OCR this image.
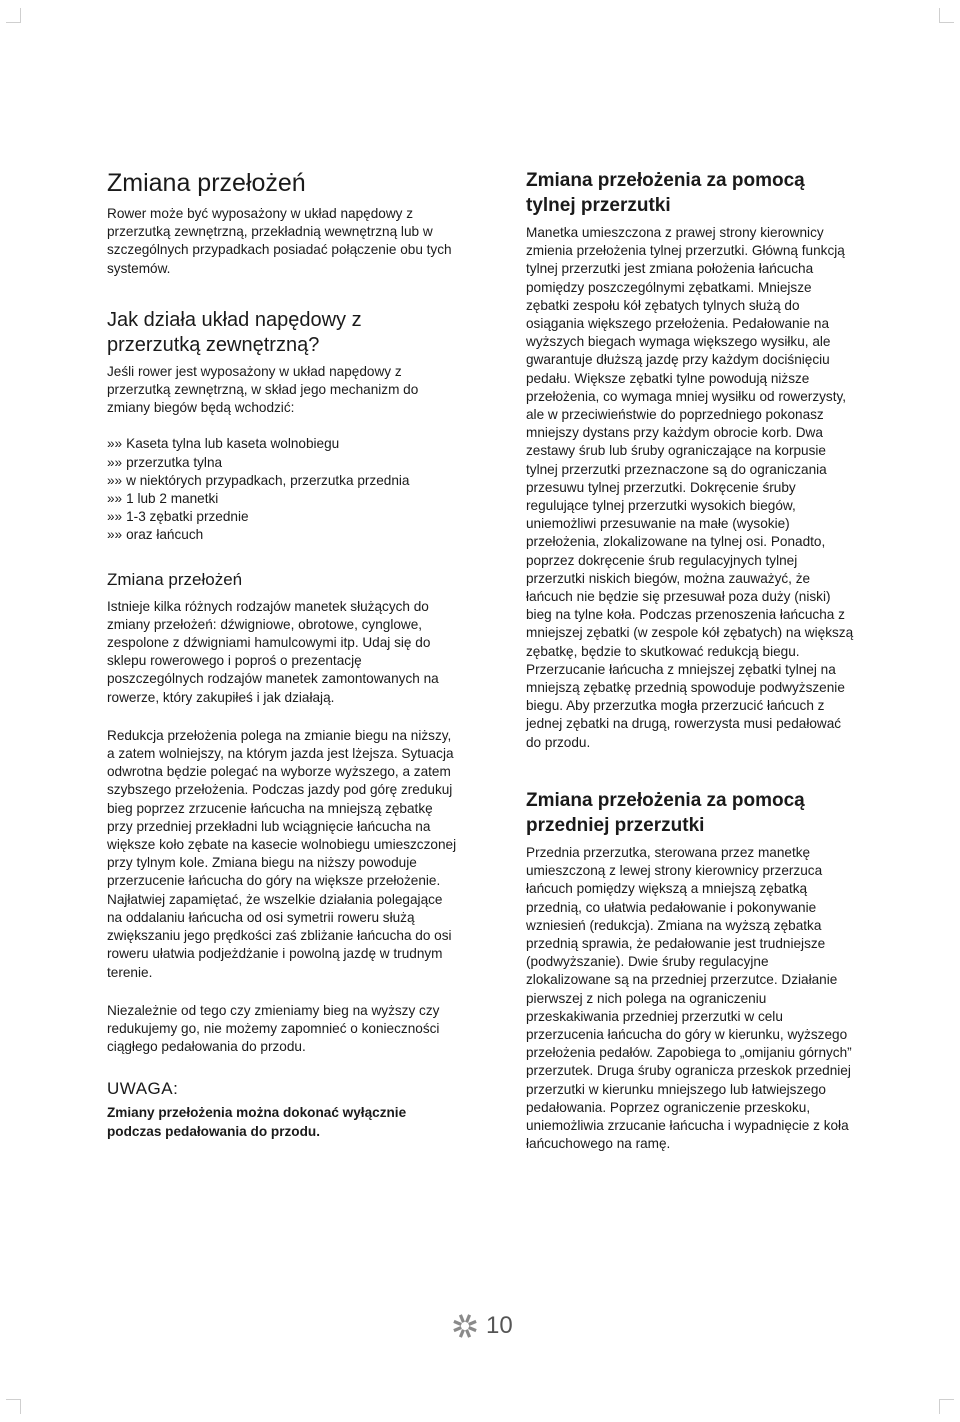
Zmiana przełożeń

Rower może być wyposażony w układ napędowy z przerzutką zewnętrzną, przekładnią wewnętrzną lub w szczególnych przypadkach posiadać połączenie obu tych systemów.

Jak działa układ napędowy z przerzutką zewnętrzną?

Jeśli rower jest wyposażony w układ napędowy z przerzutką zewnętrzną, w skład jego mechanizm do zmiany biegów będą wchodzić:

»» Kaseta tylna lub kaseta wolnobiegu
»» przerzutka tylna
»» w niektórych przypadkach, przerzutka przednia
»» 1 lub 2 manetki
»» 1-3 zębatki przednie
»» oraz łańcuch
Zmiana przełożeń

Istnieje kilka różnych rodzajów manetek służących do zmiany przełożeń: dźwigniowe, obrotowe, cynglowe, zespolone z dźwigniami hamulcowymi itp. Udaj się do sklepu rowerowego i poproś o prezentację poszczególnych rodzajów manetek zamontowanych na rowerze, który zakupiłeś i jak działają.

Redukcja przełożenia polega na zmianie biegu na niższy, a zatem wolniejszy, na którym jazda jest lżejsza. Sytuacja odwrotna będzie polegać na wyborze wyższego, a zatem szybszego przełożenia. Podczas jazdy pod górę zredukuj bieg poprzez zrzucenie łańcucha na mniejszą zębatkę przy przedniej przekładni lub wciągnięcie łańcucha na większe koło zębate na kasecie wolnobiegu umieszczonej przy tylnym kole. Zmiana biegu na niższy powoduje przerzucenie łańcucha do góry na większe przełożenie. Najłatwiej zapamiętać, że wszelkie działania polegające na oddalaniu łańcucha od osi symetrii roweru służą zwiększaniu jego prędkości zaś zbliżanie łańcucha do osi roweru ułatwia podjeżdżanie i powolną jazdę w trudnym terenie.

Niezależnie od tego czy zmieniamy bieg na wyższy czy redukujemy go, nie możemy zapomnieć o konieczności ciągłego pedałowania do przodu.

UWAGA:

Zmiany przełożenia można dokonać wyłącznie podczas pedałowania do przodu.

Zmiana przełożenia za pomocą tylnej przerzutki

Manetka umieszczona z prawej strony kierownicy zmienia przełożenia tylnej przerzutki. Główną funkcją tylnej przerzutki jest zmiana położenia łańcucha pomiędzy poszczególnymi zębatkami. Mniejsze zębatki zespołu kół zębatych tylnych służą do osiągania większego przełożenia. Pedałowanie na wyższych biegach wymaga większego wysiłku, ale gwarantuje dłuższą jazdę przy każdym dociśnięciu pedału. Większe zębatki tylne powodują niższe przełożenia, co wymaga mniej wysiłku od rowerzysty, ale w przeciwieństwie do poprzedniego pokonasz mniejszy dystans przy każdym obrocie korb. Dwa zestawy śrub lub śruby ograniczające na korpusie tylnej przerzutki przeznaczone są do ograniczania przesuwu tylnej przerzutki. Dokręcenie śruby regulujące tylnej przerzutki wysokich biegów, uniemożliwi przesuwanie na małe (wysokie) przełożenia, zlokalizowane na tylnej osi. Ponadto, poprzez dokręcenie śrub regulacyjnych tylnej przerzutki niskich biegów, można zauważyć, że łańcuch nie będzie się przesuwał poza duży (niski) bieg na tylne koła. Podczas przenoszenia łańcucha z mniejszej zębatki (w zespole kół zębatych) na większą zębatkę, będzie to skutkować redukcją biegu. Przerzucanie łańcucha z mniejszej zębatki tylnej na mniejszą zębatkę przednią spowoduje podwyższenie biegu. Aby przerzutka mogła przerzucić łańcuch z jednej zębatki na drugą, rowerzysta musi pedałować do przodu.

Zmiana przełożenia za pomocą przedniej przerzutki

Przednia przerzutka, sterowana przez manetkę umieszczoną z lewej strony kierownicy przerzuca łańcuch pomiędzy większą a mniejszą zębatką przednią, co ułatwia pedałowanie i pokonywanie wzniesień (redukcja). Zmiana na wyższą zębatka przednią sprawia, że pedałowanie jest trudniejsze (podwyższanie). Dwie śruby regulacyjne zlokalizowane są na przedniej przerzutce. Działanie pierwszej z nich polega na ograniczeniu przeskakiwania przedniej przerzutki w celu przerzucenia łańcucha do góry w kierunku, wyższego przełożenia pedałów. Zapobiega to „omijaniu górnych” przerzutek. Druga śruby ogranicza przeskok przedniej przerzutki w kierunku mniejszego lub łatwiejszego pedałowania. Poprzez ograniczenie przeskoku, uniemożliwia zrzucanie łańcucha i wypadnięcie z koła łańcuchowego na ramę.

10
